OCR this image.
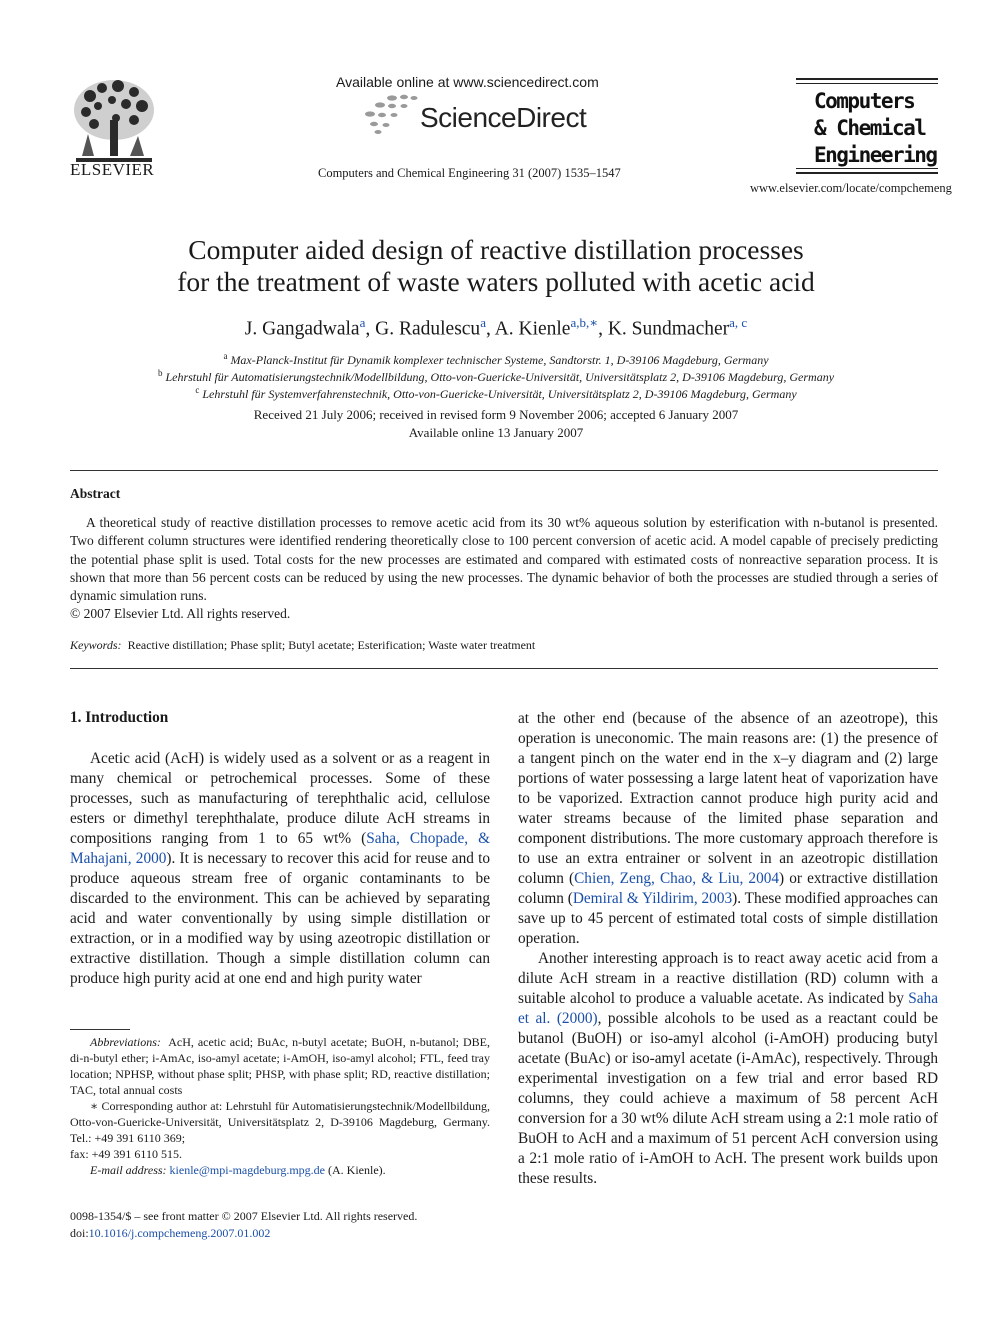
ELSEVIER
Available online at www.sciencedirect.com
ScienceDirect
Computers and Chemical Engineering 31 (2007) 1535–1547
Computers
& Chemical
Engineering
www.elsevier.com/locate/compchemeng
Computer aided design of reactive distillation processes
for the treatment of waste waters polluted with acetic acid
J. Gangadwala$^a$, G. Radulescu$^a$, A. Kienle$^{a,b,∗}$, K. Sundmacher$^{a, c}$
$^a$ Max-Planck-Institut für Dynamik komplexer technischer Systeme, Sandtorstr. 1, D-39106 Magdeburg, Germany
$^b$ Lehrstuhl für Automatisierungstechnik/Modellbildung, Otto-von-Guericke-Universität, Universitätsplatz 2, D-39106 Magdeburg, Germany
$^c$ Lehrstuhl für Systemverfahrenstechnik, Otto-von-Guericke-Universität, Universitätsplatz 2, D-39106 Magdeburg, Germany
Received 21 July 2006; received in revised form 9 November 2006; accepted 6 January 2007
Available online 13 January 2007
Abstract

A theoretical study of reactive distillation processes to remove acetic acid from its 30 wt% aqueous solution by esterification with n-butanol is presented. Two different column structures were identified rendering theoretically close to 100 percent conversion of acetic acid. A model capable of precisely predicting the potential phase split is used. Total costs for the new processes are estimated and compared with estimated costs of nonreactive separation process. It is shown that more than 56 percent costs can be reduced by using the new processes. The dynamic behavior of both the processes are studied through a series of dynamic simulation runs.

© 2007 Elsevier Ltd. All rights reserved.
Keywords: Reactive distillation; Phase split; Butyl acetate; Esterification; Waste water treatment
1. Introduction

Acetic acid (AcH) is widely used as a solvent or as a reagent in many chemical or petrochemical processes. Some of these processes, such as manufacturing of terephthalic acid, cellulose esters or dimethyl terephthalate, produce dilute AcH streams in compositions ranging from 1 to 65 wt% (Saha, Chopade, & Mahajani, 2000). It is necessary to recover this acid for reuse and to produce aqueous stream free of organic contaminants to be discarded to the environment. This can be achieved by separating acid and water conventionally by using simple distillation or extraction, or in a modified way by using azeotropic distillation or extractive distillation. Though a simple distillation column can produce high purity acid at one end and high purity water

at the other end (because of the absence of an azeotrope), this operation is uneconomic. The main reasons are: (1) the presence of a tangent pinch on the water end in the x–y diagram and (2) large portions of water possessing a large latent heat of vaporization have to be vaporized. Extraction cannot produce high purity acid and water streams because of the limited phase separation and component distributions. The more customary approach therefore is to use an extra entrainer or solvent in an azeotropic distillation column (Chien, Zeng, Chao, & Liu, 2004) or extractive distillation column (Demiral & Yildirim, 2003). These modified approaches can save up to 45 percent of estimated total costs of simple distillation operation.

Another interesting approach is to react away acetic acid from a dilute AcH stream in a reactive distillation (RD) column with a suitable alcohol to produce a valuable acetate. As indicated by Saha et al. (2000), possible alcohols to be used as a reactant could be butanol (BuOH) or iso-amyl alcohol (i-AmOH) producing butyl acetate (BuAc) or iso-amyl acetate (i-AmAc), respectively. Through experimental investigation on a few trial and error based RD columns, they could achieve a maximum of 58 percent AcH conversion for a 30 wt% dilute AcH stream using a 2:1 mole ratio of BuOH to AcH and a maximum of 51 percent AcH conversion using a 2:1 mole ratio of i-AmOH to AcH. The present work builds upon these results.

Abbreviations: AcH, acetic acid; BuAc, n-butyl acetate; BuOH, n-butanol; DBE, di-n-butyl ether; i-AmAc, iso-amyl acetate; i-AmOH, iso-amyl alcohol; FTL, feed tray location; NPHSP, without phase split; PHSP, with phase split; RD, reactive distillation; TAC, total annual costs

∗ Corresponding author at: Lehrstuhl für Automatisierungstechnik/Modellbildung, Otto-von-Guericke-Universität, Universitätsplatz 2, D-39106 Magdeburg, Germany. Tel.: +49 391 6110 369;

fax: +49 391 6110 515.

E-mail address: kienle@mpi-magdeburg.mpg.de (A. Kienle).

0098-1354/$ – see front matter © 2007 Elsevier Ltd. All rights reserved.
doi:10.1016/j.compchemeng.2007.01.002
